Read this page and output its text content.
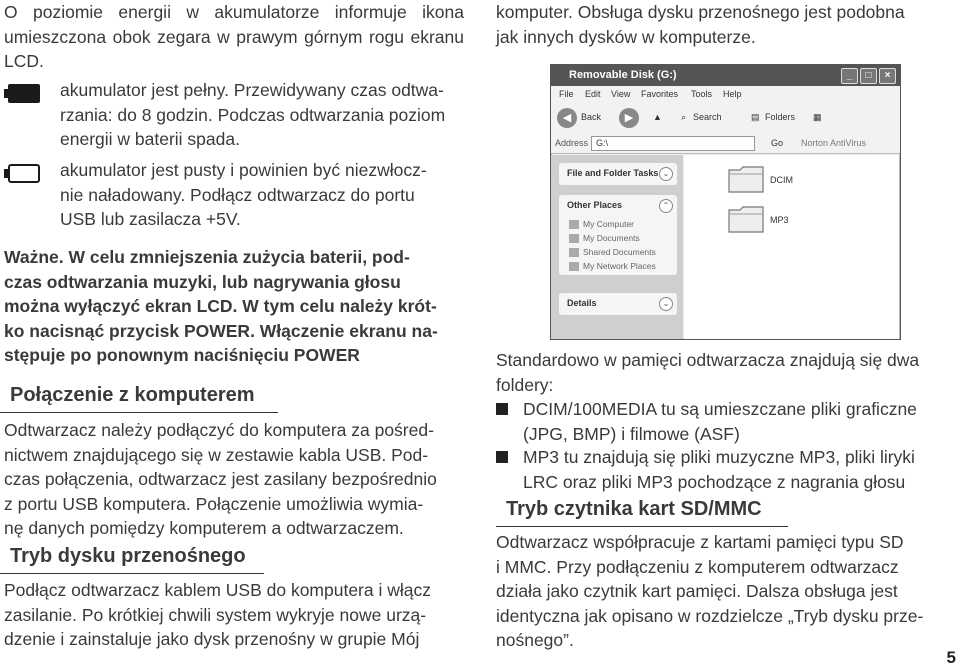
O poziomie energii w akumulatorze informuje ikona umieszczona obok zegara w prawym górnym rogu ekranu LCD.

akumulator jest pełny. Przewidywany czas odtwa-
rzania: do 8 godzin. Podczas odtwarzania poziom
energii w baterii spada.
akumulator jest pusty i powinien być niezwłocz-
nie naładowany. Podłącz odtwarzacz do portu
USB lub zasilacza +5V.
Ważne. W celu zmniejszenia zużycia baterii, pod-
czas odtwarzania muzyki, lub nagrywania głosu
można wyłączyć ekran LCD. W tym celu należy krót-
ko nacisnąć przycisk POWER. Włączenie ekranu na-
stępuje po ponownym naciśnięciu POWER
Połączenie z komputerem
Odtwarzacz należy podłączyć do komputera za pośred-
nictwem znajdującego się w zestawie kabla USB. Pod-
czas połączenia, odtwarzacz jest zasilany bezpośrednio
z portu USB komputera. Połączenie umożliwia wymia-
nę danych pomiędzy komputerem a odtwarzaczem.
Tryb dysku przenośnego
Podłącz odtwarzacz kablem USB do komputera i włącz
zasilanie. Po krótkiej chwili system wykryje nowe urzą-
dzenie i zainstaluje jako dysk przenośny w grupie Mój
komputer. Obsługa dysku przenośnego jest podobna
jak innych dysków w komputerze.
Removable Disk (G:)	_	□	×
File Edit View Favorites Tools Help
◀	Back	▶	▲ ⌕ Search	▤ Folders ▦
Address G:\	Go Norton AntiVirus
File and Folder Tasks ⌄
Other Places	⌃
My Computer
My Documents
Shared Documents
My Network Places
Details	⌄
DCIM
MP3
Standardowo w pamięci odtwarzacza znajdują się dwa
foldery:
DCIM/100MEDIA tu są umieszczane pliki graficzne
(JPG, BMP) i filmowe (ASF)
MP3 tu znajdują się pliki muzyczne MP3, pliki liryki
LRC oraz pliki MP3 pochodzące z nagrania głosu
Tryb czytnika kart SD/MMC
Odtwarzacz współpracuje z kartami pamięci typu SD
i MMC. Przy podłączeniu z komputerem odtwarzacz
działa jako czytnik kart pamięci. Dalsza obsługa jest
identyczna jak opisano w rozdzielcze „Tryb dysku prze-
nośnego”.
5
